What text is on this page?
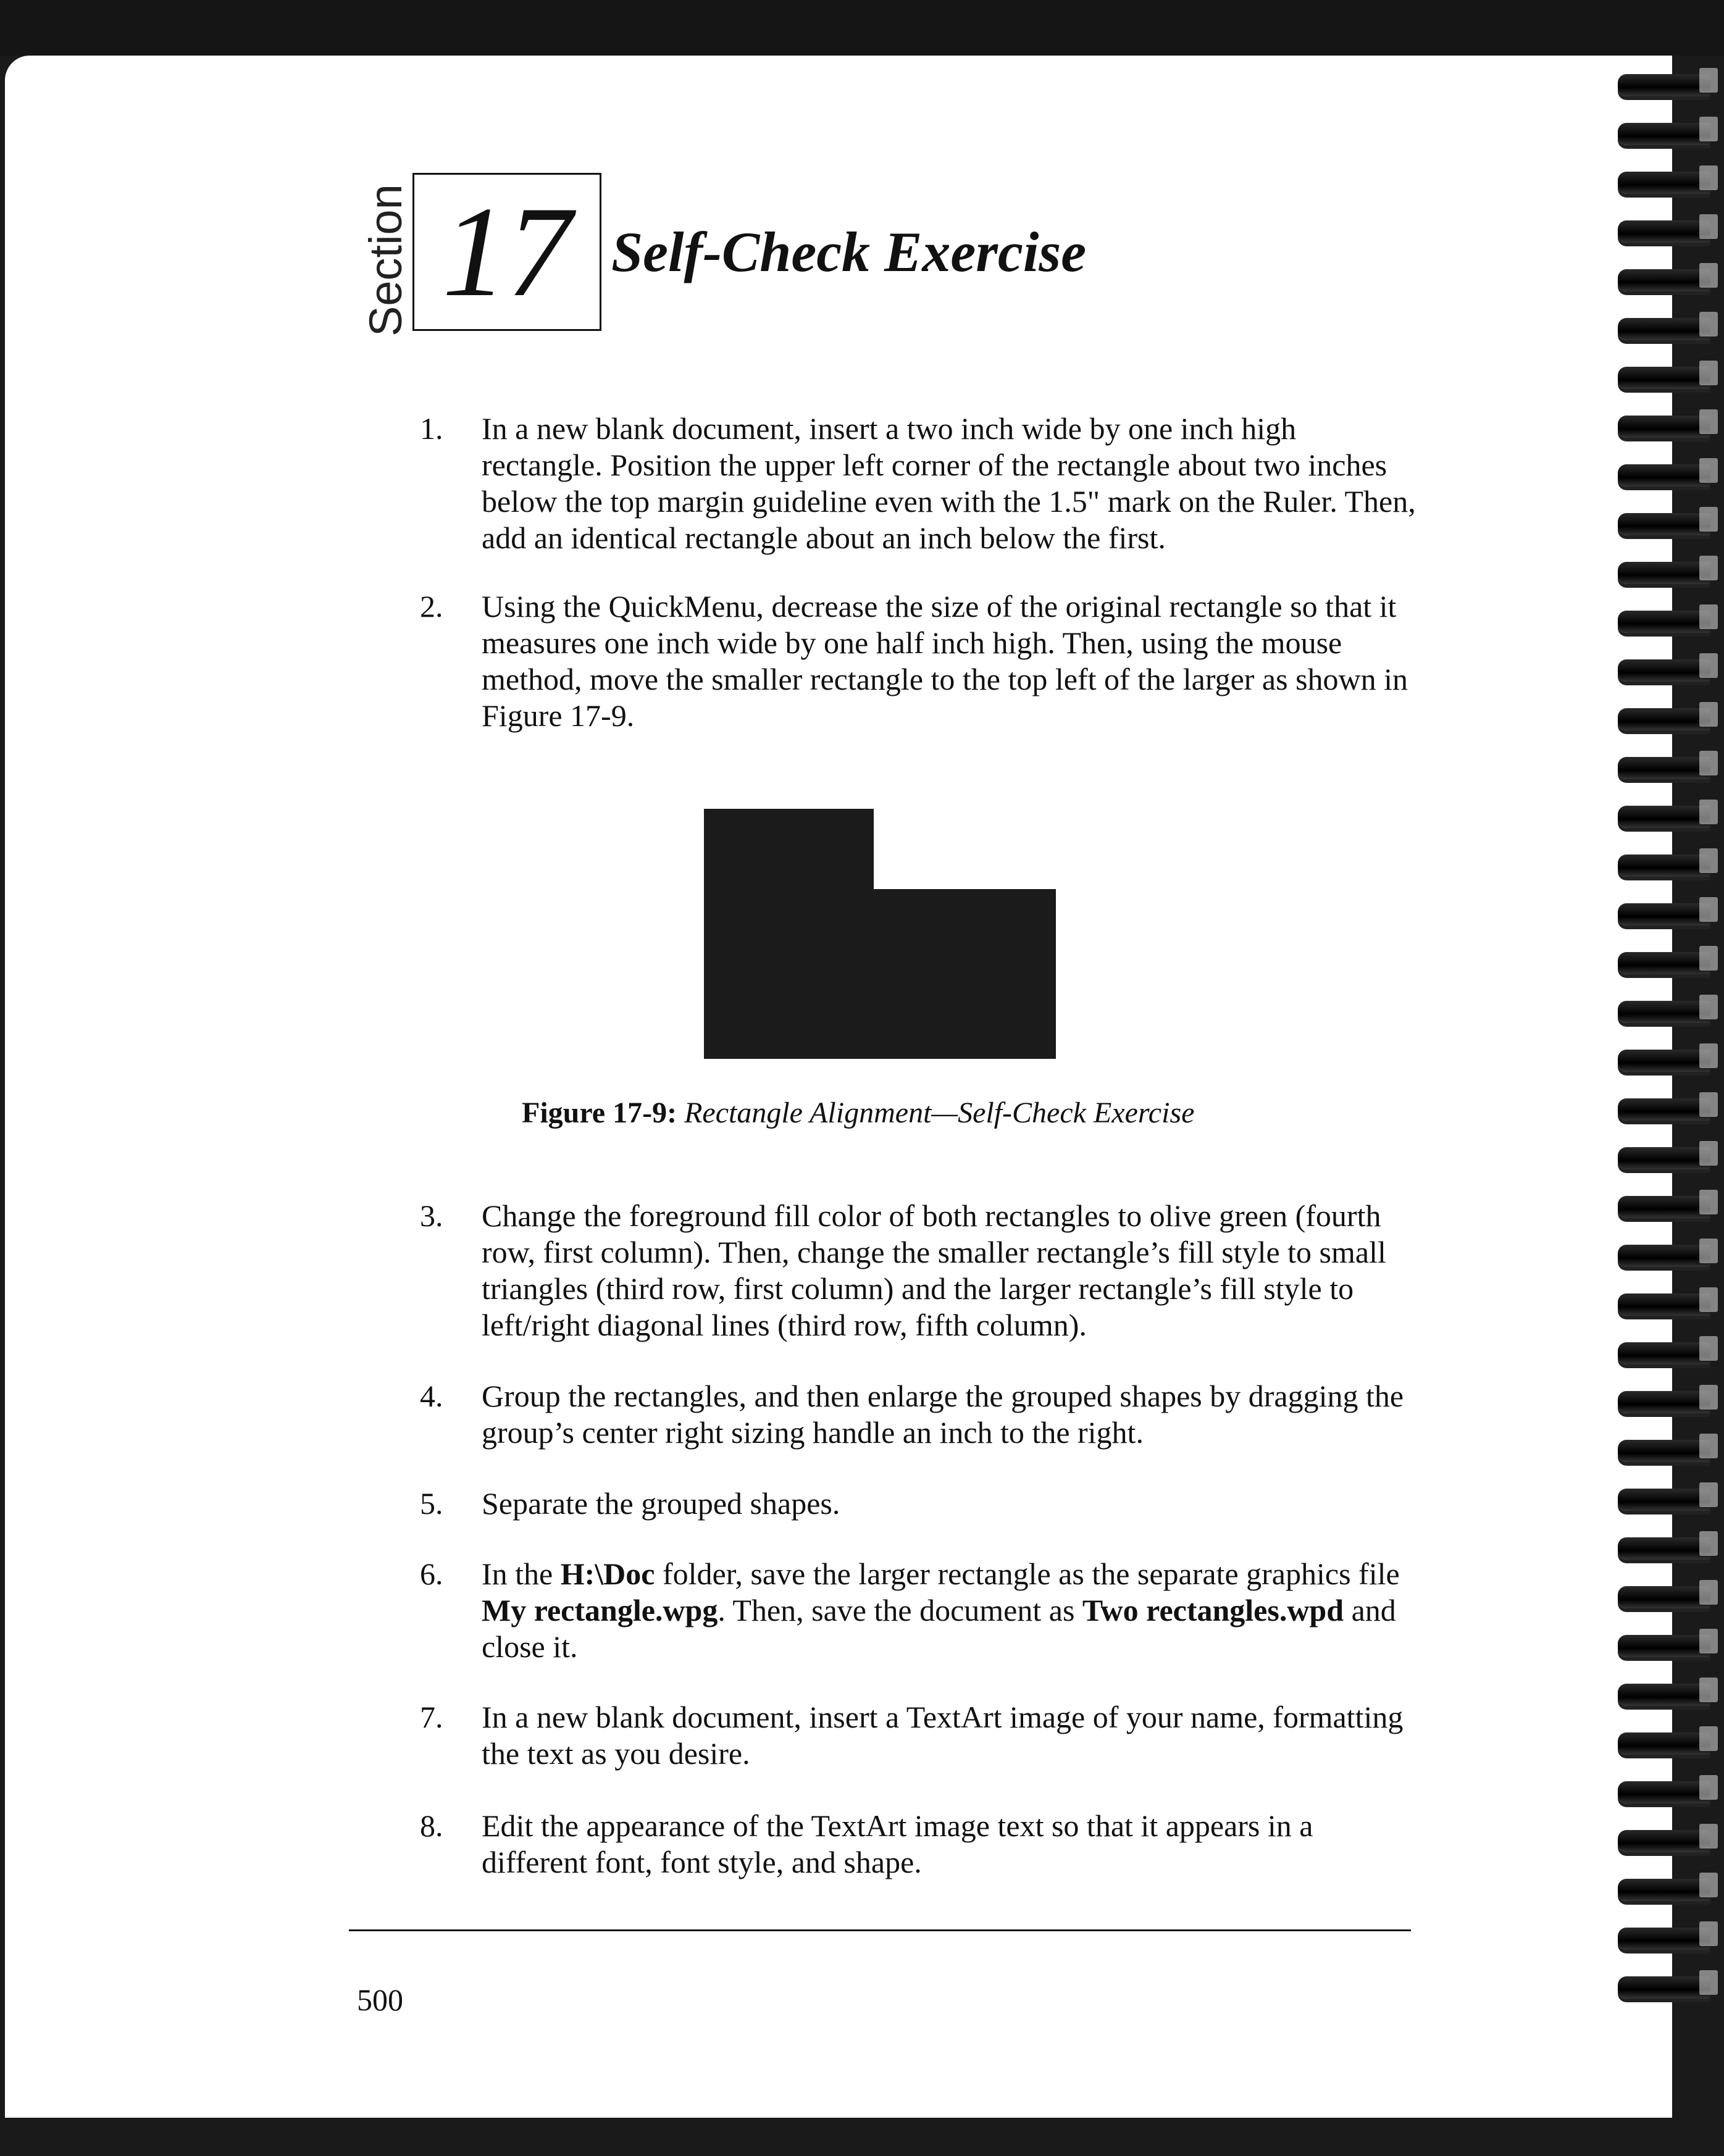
Section 17 Self-Check Exercise
1.	In a new blank document, insert a two inch wide by one inch high rectangle. Position the upper left corner of the rectangle about two inches below the top margin guideline even with the 1.5" mark on the Ruler. Then, add an identical rectangle about an inch below the first.
2.	Using the QuickMenu, decrease the size of the original rectangle so that it measures one inch wide by one half inch high. Then, using the mouse method, move the smaller rectangle to the top left of the larger as shown in Figure 17-9.
3.	Change the foreground fill color of both rectangles to olive green (fourth row, first column). Then, change the smaller rectangle’s fill style to small triangles (third row, first column) and the larger rectangle’s fill style to left/right diagonal lines (third row, fifth column).
4.	Group the rectangles, and then enlarge the grouped shapes by dragging the group’s center right sizing handle an inch to the right.
5.	Separate the grouped shapes.
6.	In the H:\Doc folder, save the larger rectangle as the separate graphics file My rectangle.wpg. Then, save the document as Two rectangles.wpd and close it.
7.	In a new blank document, insert a TextArt image of your name, formatting the text as you desire.
8.	Edit the appearance of the TextArt image text so that it appears in a different font, font style, and shape.
Figure 17-9: Rectangle Alignment—Self-Check Exercise
500
